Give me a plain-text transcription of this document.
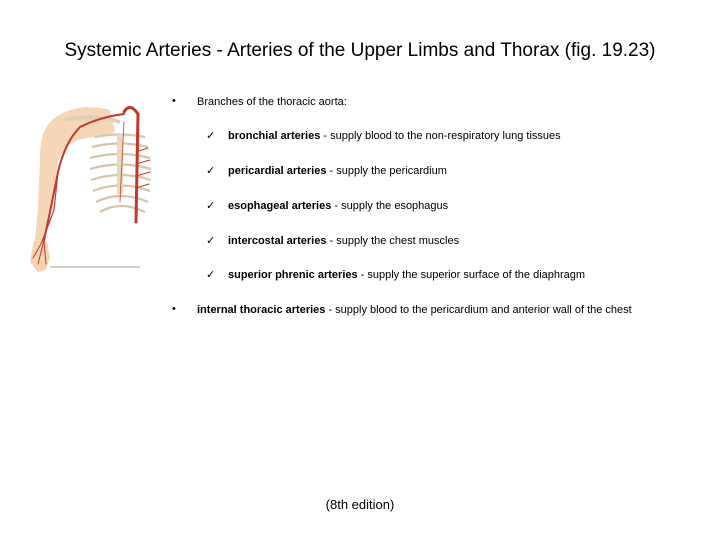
Systemic Arteries - Arteries of the Upper Limbs and Thorax (fig. 19.23)
• Branches of the thoracic aorta:
✓ bronchial arteries - supply blood to the non-respiratory lung tissues
✓ pericardial arteries - supply the pericardium
✓ esophageal arteries - supply the esophagus
✓ intercostal arteries - supply the chest muscles
✓ superior phrenic arteries - supply the superior surface of the diaphragm
• internal thoracic arteries - supply blood to the pericardium and anterior wall of the chest
(8th edition)
